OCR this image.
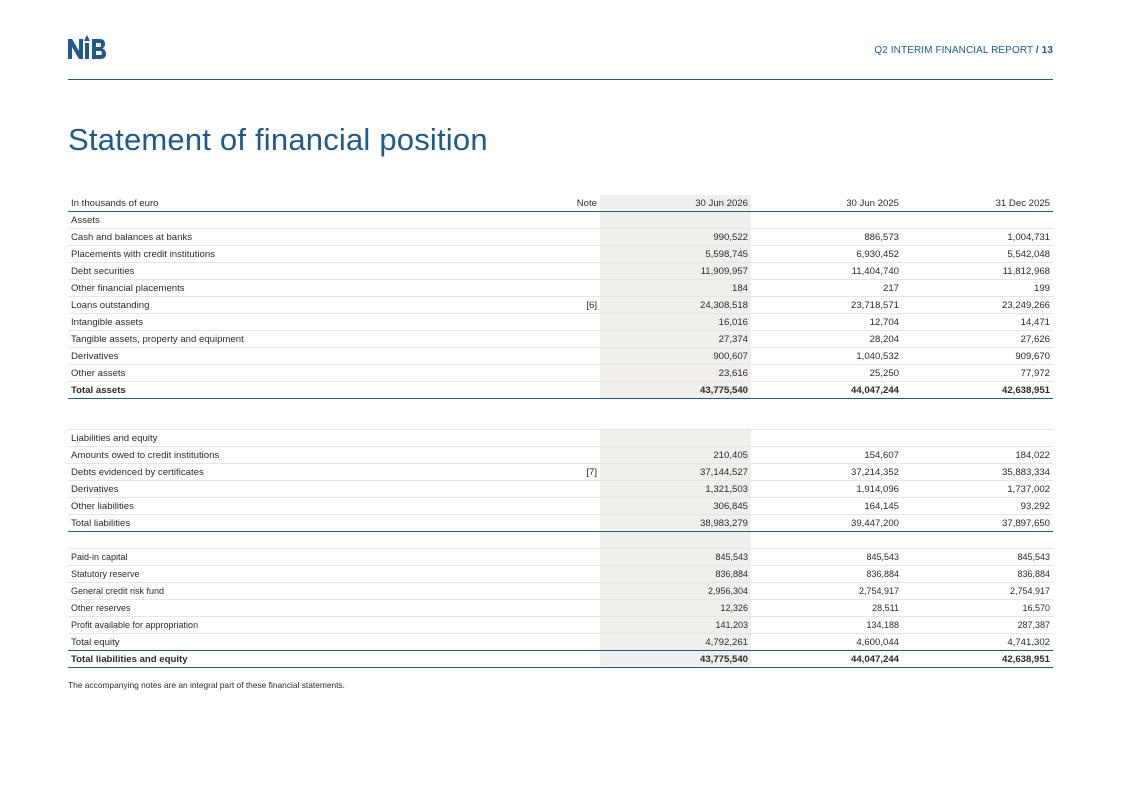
Q2 INTERIM FINANCIAL REPORT / 13
Statement of financial position
In thousands of euro	Note	30 Jun 2026	30 Jun 2025	31 Dec 2025
Assets				
Cash and balances at banks		990,522	886,573	1,004,731
Placements with credit institutions		5,598,745	6,930,452	5,542,048
Debt securities		11,909,957	11,404,740	11,812,968
Other financial placements		184	217	199
Loans outstanding	[6]	24,308,518	23,718,571	23,249,266
Intangible assets		16,016	12,704	14,471
Tangible assets, property and equipment		27,374	28,204	27,626
Derivatives		900,607	1,040,532	909,670
Other assets		23,616	25,250	77,972
Total assets		43,775,540	44,047,244	42,638,951

Liabilities and equity				
Amounts owed to credit institutions		210,405	154,607	184,022
Debts evidenced by certificates	[7]	37,144,527	37,214,352	35,883,334
Derivatives		1,321,503	1,914,096	1,737,002
Other liabilities		306,845	164,145	93,292
Total liabilities		38,983,279	39,447,200	37,897,650

Paid-in capital		845,543	845,543	845,543
Statutory reserve		836,884	836,884	836,884
General credit risk fund		2,956,304	2,754,917	2,754,917
Other reserves		12,326	28,511	16,570
Profit available for appropriation		141,203	134,188	287,387
Total equity		4,792,261	4,600,044	4,741,302
Total liabilities and equity		43,775,540	44,047,244	42,638,951
The accompanying notes are an integral part of these financial statements.
